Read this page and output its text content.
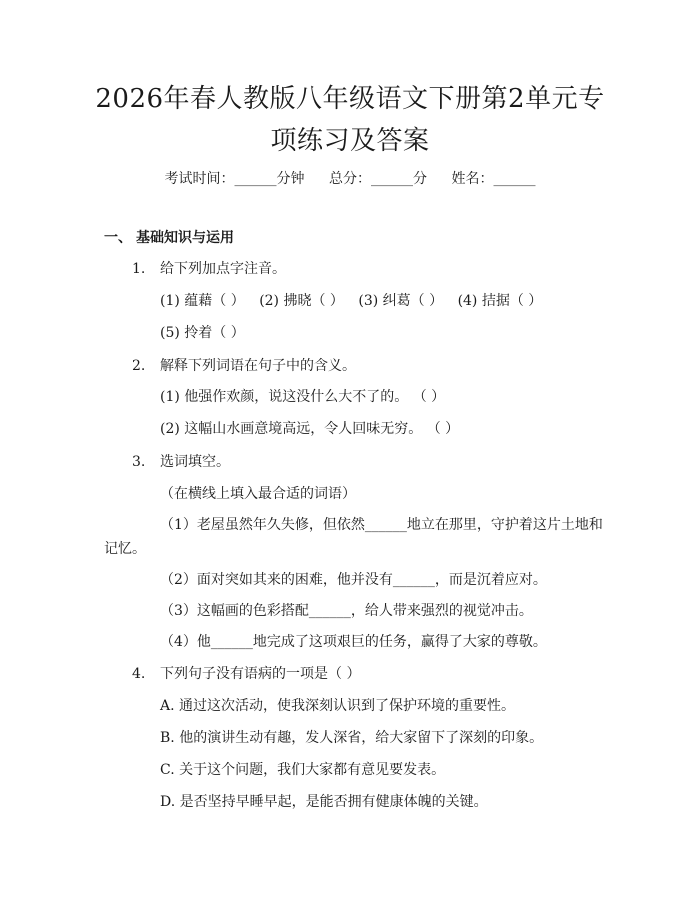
2026年春人教版八年级语文下册第2单元专
项练习及答案
考试时间：______分钟 总分：______分 姓名：______
一、 基础知识与运用
1. 给下列加点字注音。
(1) 蕴藉（ ） (2) 拂晓（ ） (3) 纠葛（ ） (4) 拮据（ ）
(5) 拎着（ ）
2. 解释下列词语在句子中的含义。
(1) 他强作欢颜，说这没什么大不了的。 （ ）
(2) 这幅山水画意境高远，令人回味无穷。 （ ）
3. 选词填空。
（在横线上填入最合适的词语）
（1）老屋虽然年久失修，但依然______地立在那里，守护着这片土地和
记忆。
（2）面对突如其来的困难，他并没有______，而是沉着应对。
（3）这幅画的色彩搭配______，给人带来强烈的视觉冲击。
（4）他______地完成了这项艰巨的任务，赢得了大家的尊敬。
4. 下列句子没有语病的一项是（ ）
A. 通过这次活动，使我深刻认识到了保护环境的重要性。
B. 他的演讲生动有趣，发人深省，给大家留下了深刻的印象。
C. 关于这个问题，我们大家都有意见要发表。
D. 是否坚持早睡早起，是能否拥有健康体魄的关键。
